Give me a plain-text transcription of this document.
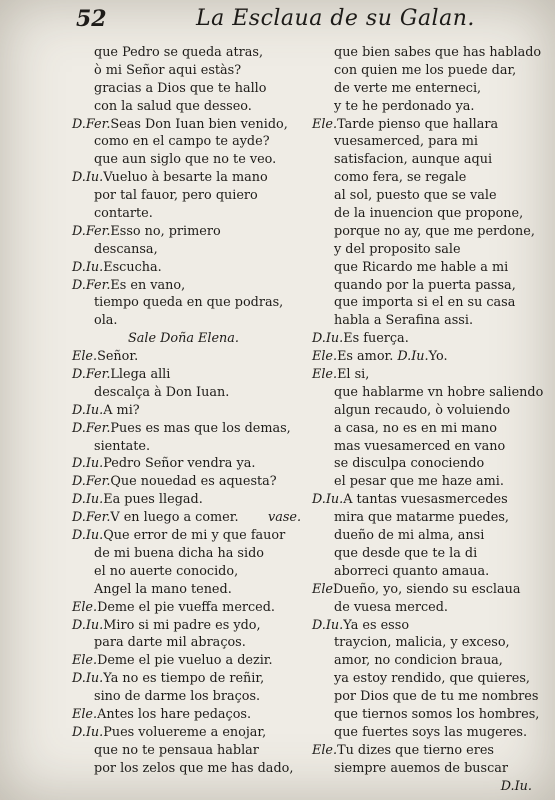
52	La Esclaua de su Galan.
que Pedro se queda atras,
ò mi Señor aqui estàs?
gracias a Dios que te hallo
con la salud que desseo.
D.Fer.Seas Don Iuan bien venido,
como en el campo te ayde?
que aun siglo que no te veo.
D.Iu.Vueluo à besarte la mano
por tal fauor, pero quiero
contarte.
D.Fer.Esso no, primero
descansa,
D.Iu.Escucha.
D.Fer.Es en vano,
tiempo queda en que podras,
ola.
Sale Doña Elena.
Ele.Señor.
D.Fer.Llega alli
descalça à Don Iuan.
D.Iu.A mi?
D.Fer.Pues es mas que los demas,
sientate.
D.Iu.Pedro Señor vendra ya.
D.Fer.Que nouedad es aquesta?
D.Iu.Ea pues llegad.
D.Fer.V en luego a comer. vase.
D.Iu.Que error de mi y que fauor
de mi buena dicha ha sido
el no auerte conocido,
Angel la mano tened.
Ele.Deme el pie vueffa merced.
D.Iu.Miro si mi padre es ydo,
para darte mil abraços.
Ele.Deme el pie vueluo a dezir.
D.Iu.Ya no es tiempo de reñir,
sino de darme los braços.
Ele.Antes los hare pedaços.
D.Iu.Pues volueremе a enojar,
que no te pensaua hablar
por los zelos que me has dado,
que bien sabes que has hablado
con quien me los puede dar,
de verte me enterneci,
y te he perdonado ya.
Ele.Tarde pienso que hallara
vuesamerced, para mi
satisfacion, aunque aqui
como fera, se regale
al sol, puesto que se vale
de la inuencion que propone,
porque no ay, que me perdone,
y del proposito sale
que Ricardo me hable a mi
quando por la puerta passa,
que importa si el en su casa
habla a Serafina assi.
D.Iu.Es fuerça.
Ele.Es amor. D.Iu.Yo.
Ele.El si,
que hablarme vn hobre saliendo
algun recaudo, ò voluiendo
a casa, no es en mi mano
mas vuesamerced en vano
se disculpa conociendo
el pesar que me haze ami.
D.Iu.A tantas vuesasmercedes
mira que matarme puedes,
dueño de mi alma, ansi
que desde que te la di
aborreci quanto amaua.
EleDueño, yo, siendo su esclaua
de vuesa merced.
D.Iu.Ya es esso
traycion, malicia, y exceso,
amor, no condicion braua,
ya estoy rendido, que quieres,
por Dios que de tu me nombres
que tiernos somos los hombres,
que fuertes soys las mugeres.
Ele.Tu dizes que tierno eres
siempre auemos de buscar
D.Iu.
